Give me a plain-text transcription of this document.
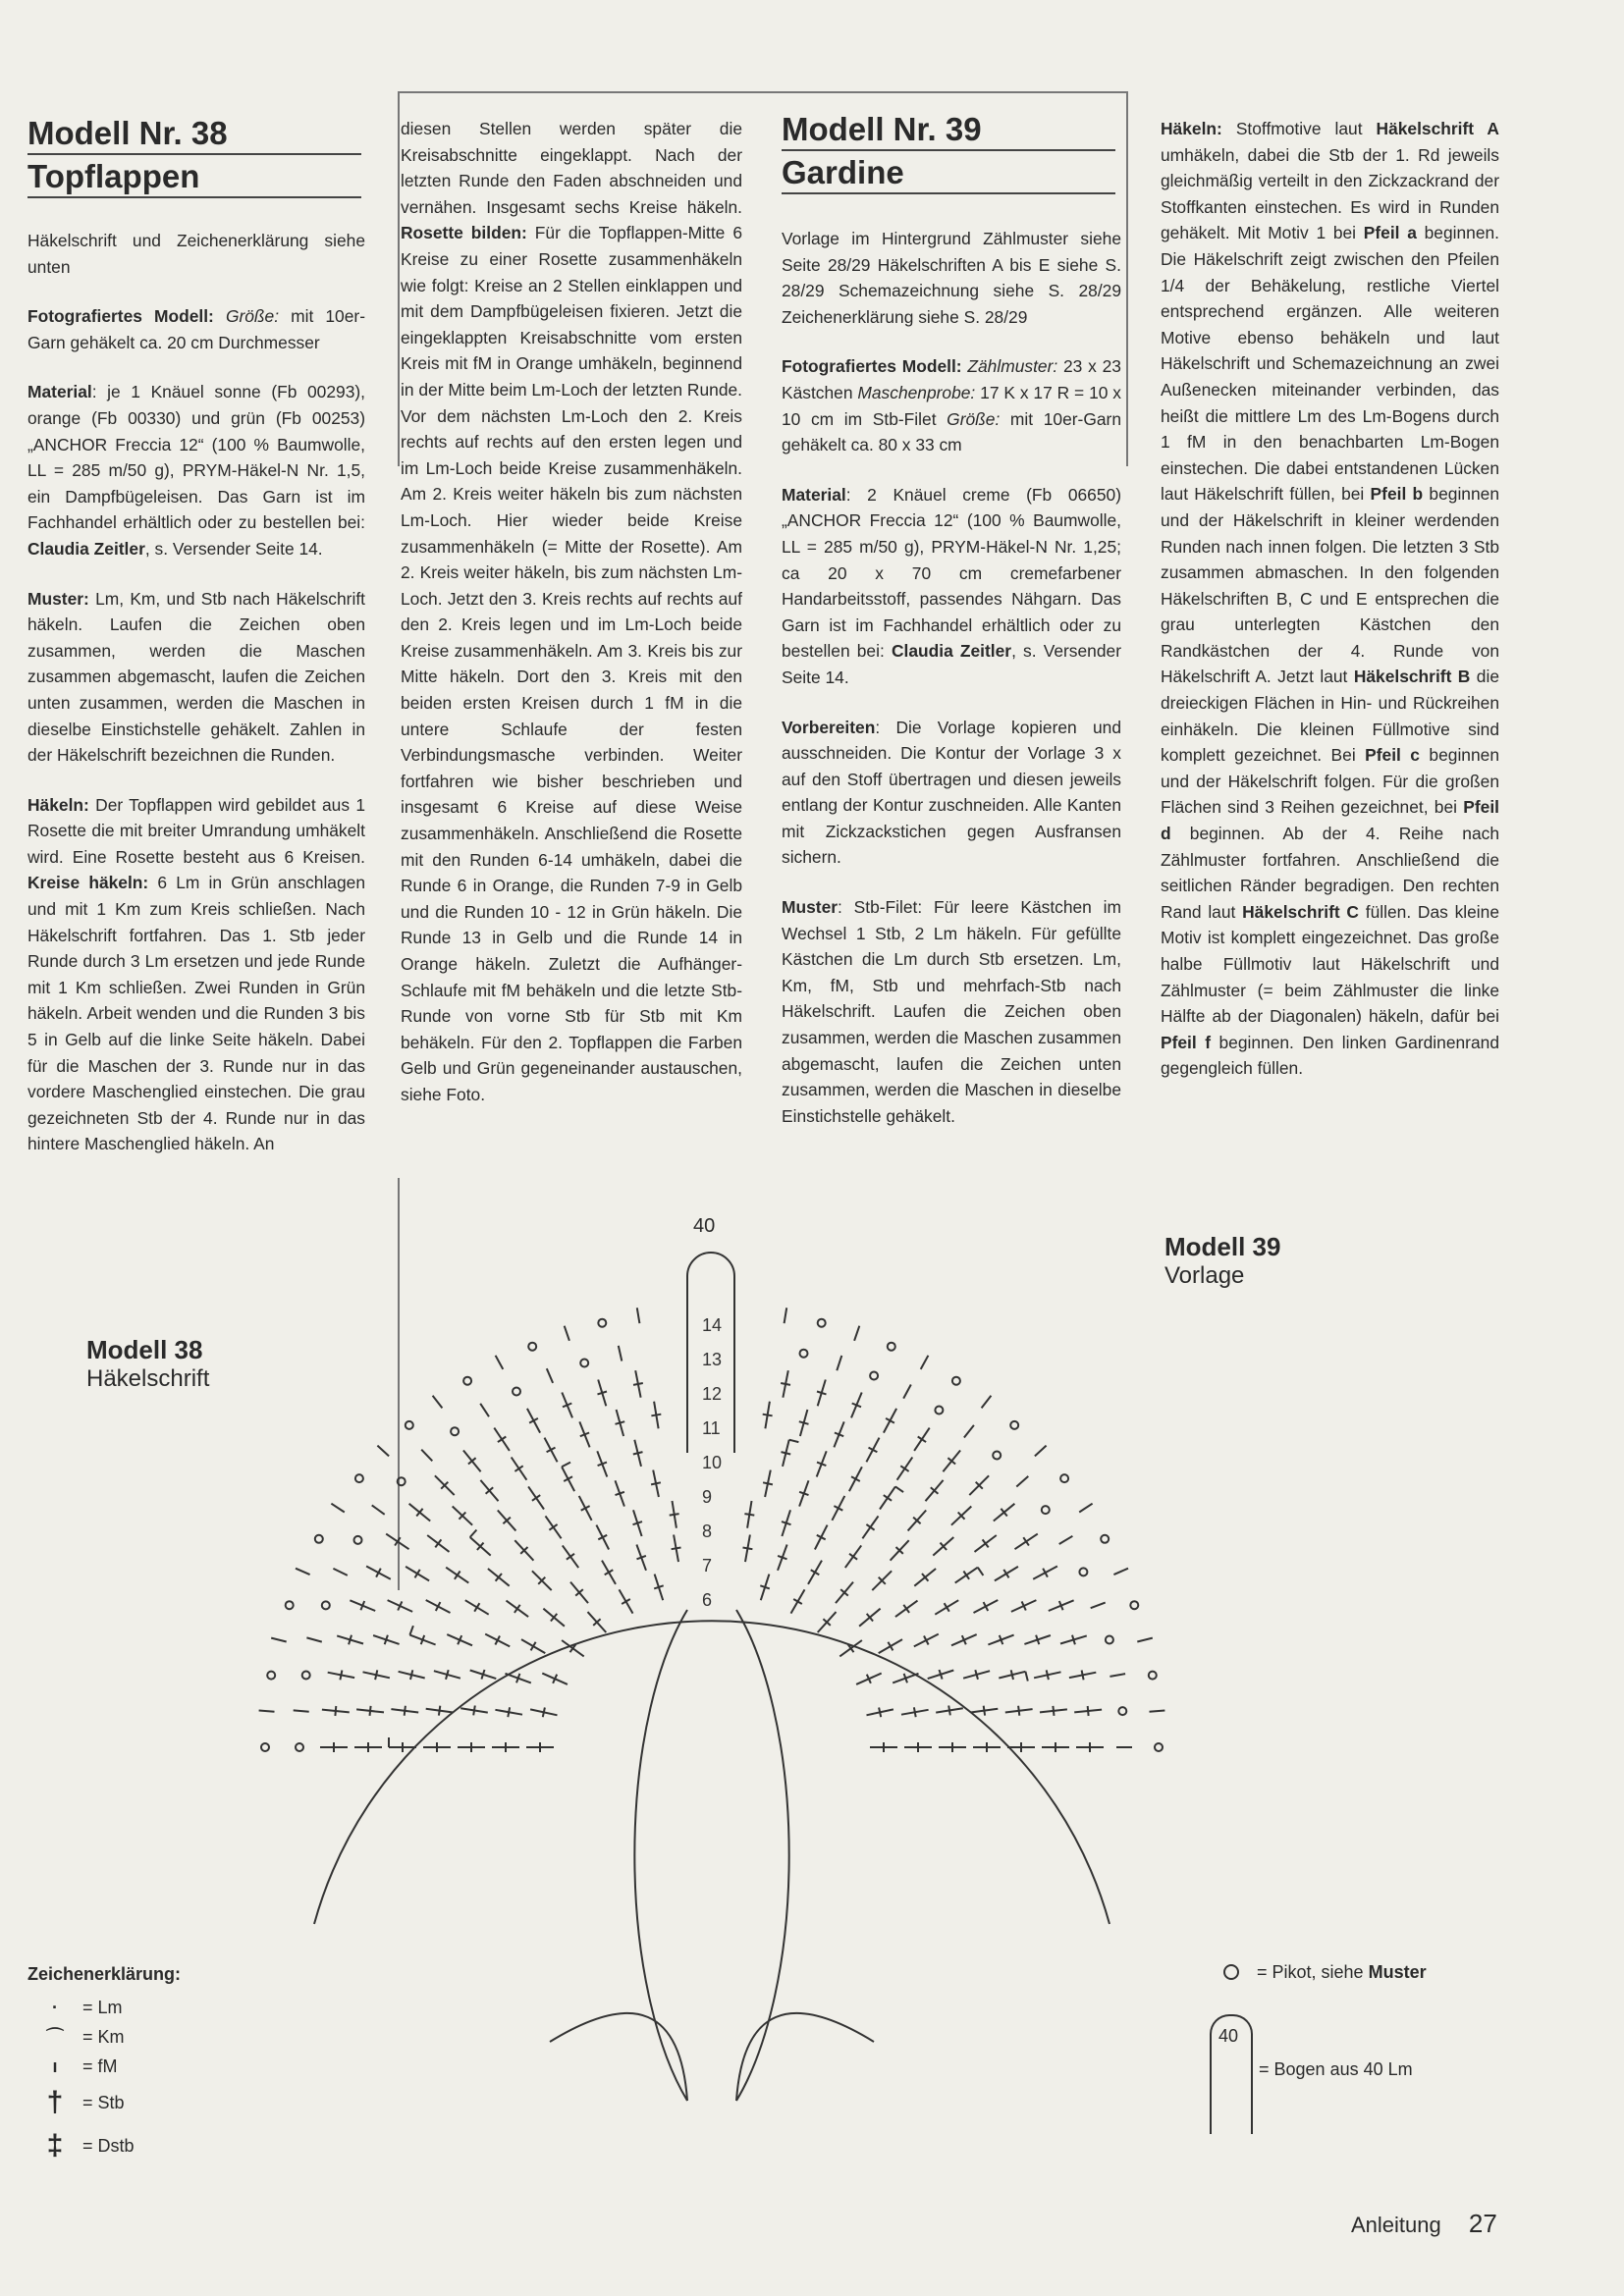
Modell Nr. 38
Topflappen

Häkelschrift und Zeichenerklärung siehe unten

Fotografiertes Modell: Größe: mit 10er-Garn gehäkelt ca. 20 cm Durchmesser

Material: je 1 Knäuel sonne (Fb 00293), orange (Fb 00330) und grün (Fb 00253) „ANCHOR Freccia 12“ (100 % Baumwolle, LL = 285 m/50 g), PRYM-Häkel-N Nr. 1,5, ein Dampfbügeleisen. Das Garn ist im Fachhandel erhältlich oder zu bestellen bei: Claudia Zeitler, s. Versender Seite 14.

Muster: Lm, Km, und Stb nach Häkelschrift häkeln. Laufen die Zeichen oben zusammen, werden die Maschen zusammen abgemascht, laufen die Zeichen unten zusammen, werden die Maschen in dieselbe Einstichstelle gehäkelt. Zahlen in der Häkelschrift bezeichnen die Runden.

Häkeln: Der Topflappen wird gebildet aus 1 Rosette die mit breiter Umrandung umhäkelt wird. Eine Rosette besteht aus 6 Kreisen. Kreise häkeln: 6 Lm in Grün anschlagen und mit 1 Km zum Kreis schließen. Nach Häkelschrift fortfahren. Das 1. Stb jeder Runde durch 3 Lm ersetzen und jede Runde mit 1 Km schließen. Zwei Runden in Grün häkeln. Arbeit wenden und die Runden 3 bis 5 in Gelb auf die linke Seite häkeln. Dabei für die Maschen der 3. Runde nur in das vordere Maschenglied einstechen. Die grau gezeichneten Stb der 4. Runde nur in das hintere Maschenglied häkeln. An

diesen Stellen werden später die Kreisabschnitte eingeklappt. Nach der letzten Runde den Faden abschneiden und vernähen. Insgesamt sechs Kreise häkeln. Rosette bilden: Für die Topflappen-Mitte 6 Kreise zu einer Rosette zusammenhäkeln wie folgt: Kreise an 2 Stellen einklappen und mit dem Dampfbügeleisen fixieren. Jetzt die eingeklappten Kreisabschnitte vom ersten Kreis mit fM in Orange umhäkeln, beginnend in der Mitte beim Lm-Loch der letzten Runde. Vor dem nächsten Lm-Loch den 2. Kreis rechts auf rechts auf den ersten legen und im Lm-Loch beide Kreise zusammenhäkeln. Am 2. Kreis weiter häkeln bis zum nächsten Lm-Loch. Hier wieder beide Kreise zusammenhäkeln (= Mitte der Rosette). Am 2. Kreis weiter häkeln, bis zum nächsten Lm-Loch. Jetzt den 3. Kreis rechts auf rechts auf den 2. Kreis legen und im Lm-Loch beide Kreise zusammenhäkeln. Am 3. Kreis bis zur Mitte häkeln. Dort den 3. Kreis mit den beiden ersten Kreisen durch 1 fM in die untere Schlaufe der festen Verbindungsmasche verbinden. Weiter fortfahren wie bisher beschrieben und insgesamt 6 Kreise auf diese Weise zusammenhäkeln. Anschließend die Rosette mit den Runden 6-14 umhäkeln, dabei die Runde 6 in Orange, die Runden 7-9 in Gelb und die Runden 10 - 12 in Grün häkeln. Die Runde 13 in Gelb und die Runde 14 in Orange häkeln. Zuletzt die Aufhänger-Schlaufe mit fM behäkeln und die letzte Stb-Runde von vorne Stb für Stb mit Km behäkeln. Für den 2. Topflappen die Farben Gelb und Grün gegeneinander austauschen, siehe Foto.

Modell Nr. 39
Gardine

Vorlage im Hintergrund Zählmuster siehe Seite 28/29 Häkelschriften A bis E siehe S. 28/29 Schemazeichnung siehe S. 28/29 Zeichenerklärung siehe S. 28/29

Fotografiertes Modell: Zählmuster: 23 x 23 Kästchen Maschenprobe: 17 K x 17 R = 10 x 10 cm im Stb-Filet Größe: mit 10er-Garn gehäkelt ca. 80 x 33 cm

Material: 2 Knäuel creme (Fb 06650) „ANCHOR Freccia 12“ (100 % Baumwolle, LL = 285 m/50 g), PRYM-Häkel-N Nr. 1,25; ca 20 x 70 cm cremefarbener Handarbeitsstoff, passendes Nähgarn. Das Garn ist im Fachhandel erhältlich oder zu bestellen bei: Claudia Zeitler, s. Versender Seite 14.

Vorbereiten: Die Vorlage kopieren und ausschneiden. Die Kontur der Vorlage 3 x auf den Stoff übertragen und diesen jeweils entlang der Kontur zuschneiden. Alle Kanten mit Zickzackstichen gegen Ausfransen sichern.

Muster: Stb-Filet: Für leere Kästchen im Wechsel 1 Stb, 2 Lm häkeln. Für gefüllte Kästchen die Lm durch Stb ersetzen. Lm, Km, fM, Stb und mehrfach-Stb nach Häkelschrift. Laufen die Zeichen oben zusammen, werden die Maschen zusammen abgemascht, laufen die Zeichen unten zusammen, werden die Maschen in dieselbe Einstichstelle gehäkelt.

Häkeln: Stoffmotive laut Häkelschrift A umhäkeln, dabei die Stb der 1. Rd jeweils gleichmäßig verteilt in den Zickzackrand der Stoffkanten einstechen. Es wird in Runden gehäkelt. Mit Motiv 1 bei Pfeil a beginnen. Die Häkelschrift zeigt zwischen den Pfeilen 1/4 der Behäkelung, restliche Viertel entsprechend ergänzen. Alle weiteren Motive ebenso behäkeln und laut Häkelschrift und Schemazeichnung an zwei Außenecken miteinander verbinden, das heißt die mittlere Lm des Lm-Bogens durch 1 fM in den benachbarten Lm-Bogen einstechen. Die dabei entstandenen Lücken laut Häkelschrift füllen, bei Pfeil b beginnen und der Häkelschrift in kleiner werdenden Runden nach innen folgen. Die letzten 3 Stb zusammen abmaschen. In den folgenden Häkelschriften B, C und E entsprechen die grau unterlegten Kästchen den Randkästchen der 4. Runde von Häkelschrift A. Jetzt laut Häkelschrift B die dreieckigen Flächen in Hin- und Rückreihen einhäkeln. Die kleinen Füllmotive sind komplett gezeichnet. Bei Pfeil c beginnen und der Häkelschrift folgen. Für die großen Flächen sind 3 Reihen gezeichnet, bei Pfeil d beginnen. Ab der 4. Reihe nach Zählmuster fortfahren. Anschließend die seitlichen Ränder begradigen. Den rechten Rand laut Häkelschrift C füllen. Das kleine Motiv ist komplett eingezeichnet. Das große halbe Füllmotiv laut Häkelschrift und Zählmuster (= beim Zählmuster die linke Hälfte ab der Diagonalen) häkeln, dafür bei Pfeil f beginnen. Den linken Gardinenrand gegengleich füllen.

Modell 38
Häkelschrift
Modell 39
Vorlage
14
13
12
11
10
9
8
7
6
40
Zeichenerklärung:
·	= Lm
⌒	= Km
ı	= fM
†	= Stb
‡	= Dstb
= Pikot, siehe Muster
40
= Bogen aus 40 Lm
Anleitung 27
